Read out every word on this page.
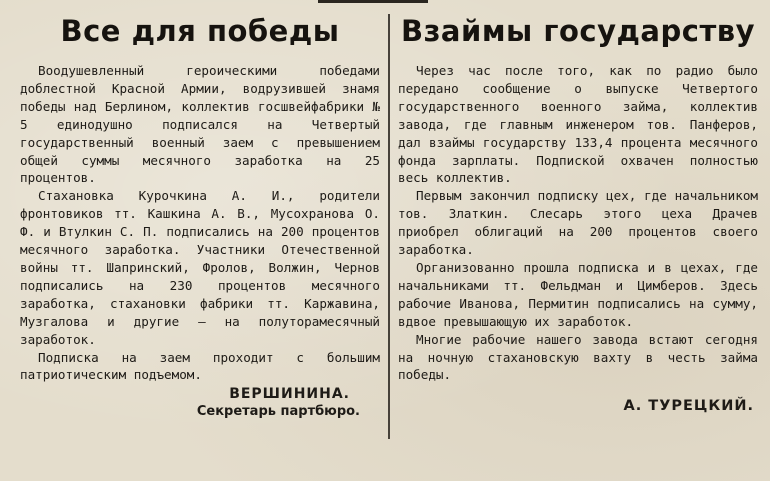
Все для победы

Воодушевленный героическими победами доблестной Красной Армии, водрузившей знамя победы над Берлином, коллектив госшвейфабрики № 5 единодушно подписался на Четвертый государственный военный заем с превышением общей суммы месячного заработка на 25 процентов.

Стахановка Курочкина А. И., родители фронтовиков тт. Кашкина А. В., Мусохранова О. Ф. и Втулкин С. П. подписались на 200 процентов месячного заработка. Участники Отечественной войны тт. Шапринский, Фролов, Волжин, Чернов подписались на 230 процентов месячного заработка, стахановки фабрики тт. Каржавина, Музгалова и другие — на полуторамесячный заработок.

Подписка на заем проходит с большим патриотическим подъемом.

ВЕРШИНИНА.
Секретарь партбюро.
Взаймы государству

Через час после того, как по радио было передано сообщение о выпуске Четвертого государственного военного займа, коллектив завода, где главным инженером тов. Панферов, дал взаймы государству 133,4 процента месячного фонда зарплаты. Подпиской охвачен полностью весь коллектив.

Первым закончил подписку цех, где начальником тов. Златкин. Слесарь этого цеха Драчев приобрел облигаций на 200 процентов своего заработка.

Организованно прошла подписка и в цехах, где начальниками тт. Фельдман и Цимберов. Здесь рабочие Иванова, Пермитин подписались на сумму, вдвое превышающую их заработок.

Многие рабочие нашего завода встают сегодня на ночную стахановскую вахту в честь займа победы.

А. ТУРЕЦКИЙ.
